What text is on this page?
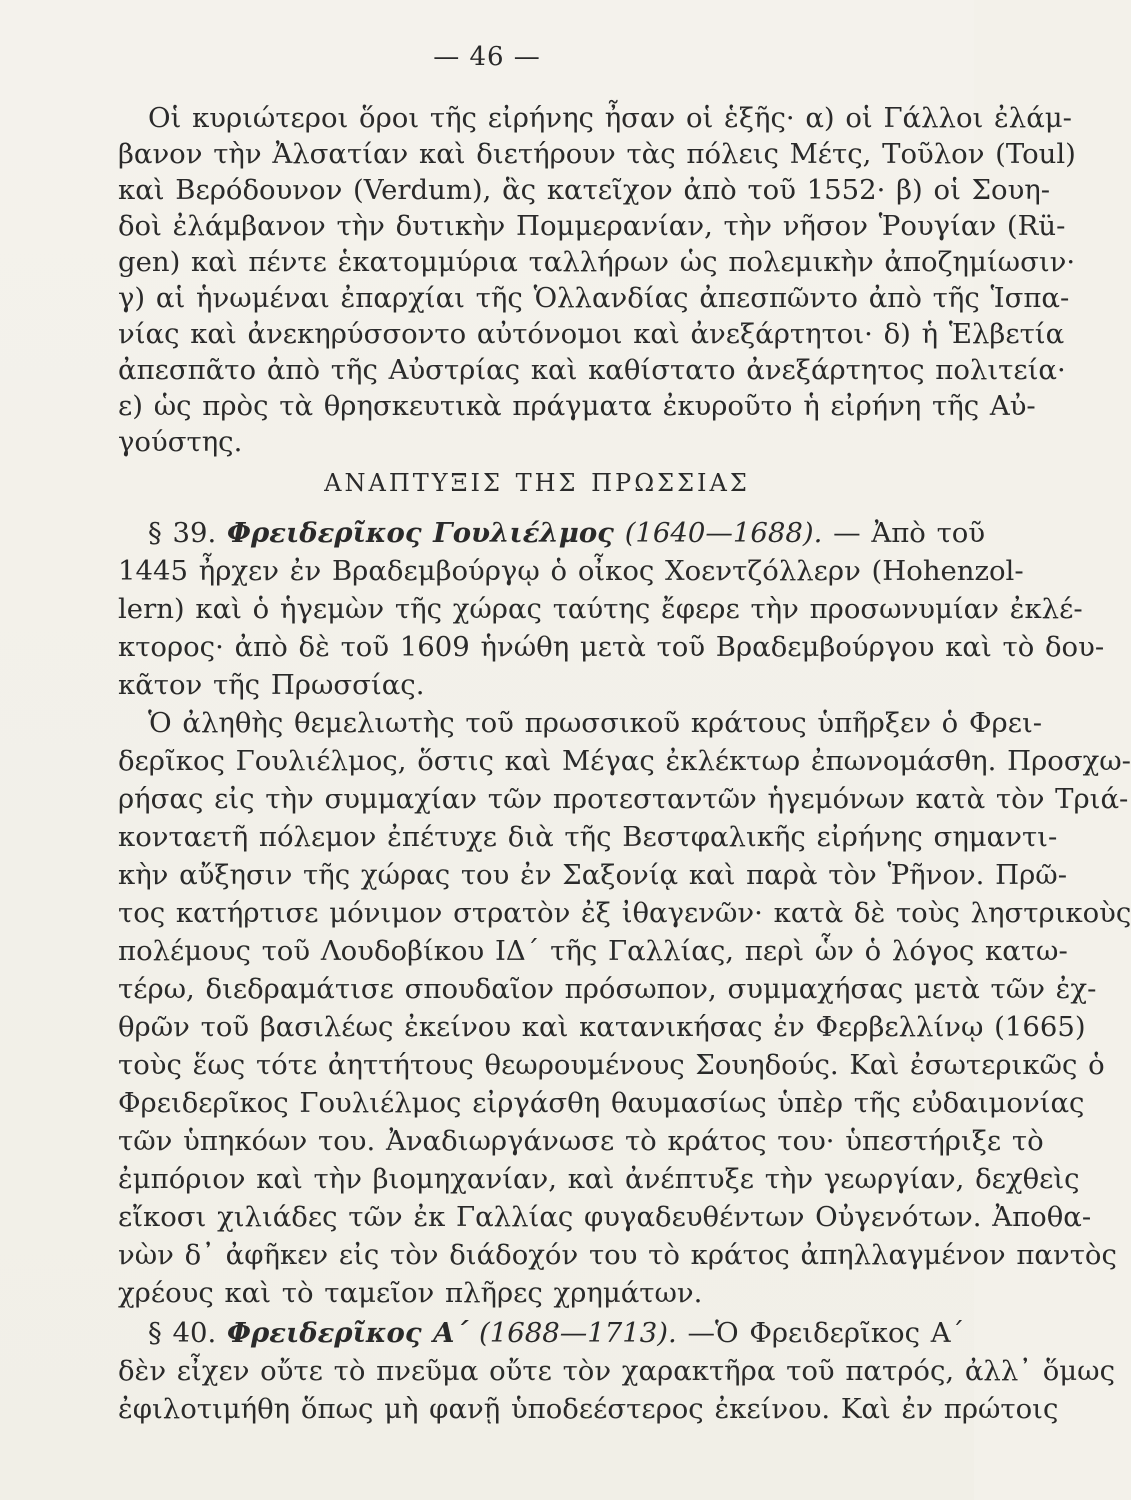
— 46 —
Οἱ κυριώτεροι ὅροι τῆς εἰρήνης ἦσαν οἱ ἑξῆς· α) οἱ Γάλλοι ἐλάμ-
βανον τὴν Ἀλσατίαν καὶ διετήρουν τὰς πόλεις Μέτς, Τοῦλον (Toul)
καὶ Βερόδουνον (Verdum), ἃς κατεῖχον ἀπὸ τοῦ 1552· β) οἱ Σουη-
δοὶ ἐλάμβανον τὴν δυτικὴν Πομμερανίαν, τὴν νῆσον Ῥουγίαν (Rü-
gen) καὶ πέντε ἑκατομμύρια ταλλήρων ὡς πολεμικὴν ἀποζημίωσιν·
γ) αἱ ἡνωμέναι ἐπαρχίαι τῆς Ὁλλανδίας ἀπεσπῶντο ἀπὸ τῆς Ἱσπα-
νίας καὶ ἀνεκηρύσσοντο αὐτόνομοι καὶ ἀνεξάρτητοι· δ) ἡ Ἑλβετία
ἀπεσπᾶτο ἀπὸ τῆς Αὐστρίας καὶ καθίστατο ἀνεξάρτητος πολιτεία·
ε) ὡς πρὸς τὰ θρησκευτικὰ πράγματα ἐκυροῦτο ἡ εἰρήνη τῆς Αὐ-
γούστης.
ΑΝΑΠΤΥΞΙΣ ΤΗΣ ΠΡΩΣΣΙΑΣ
§ 39. Φρειδερῖκος Γουλιέλμος (1640—1688). — Ἀπὸ τοῦ
1445 ἦρχεν ἐν Βραδεμβούργῳ ὁ οἶκος Χοεντζόλλερν (Hohenzol-
lern) καὶ ὁ ἡγεμὼν τῆς χώρας ταύτης ἔφερε τὴν προσωνυμίαν ἐκλέ-
κτορος· ἀπὸ δὲ τοῦ 1609 ἡνώθη μετὰ τοῦ Βραδεμβούργου καὶ τὸ δου-
κᾶτον τῆς Πρωσσίας.
Ὁ ἀληθὴς θεμελιωτὴς τοῦ πρωσσικοῦ κράτους ὑπῆρξεν ὁ Φρει-
δερῖκος Γουλιέλμος, ὅστις καὶ Μέγας ἐκλέκτωρ ἐπωνομάσθη. Προσχω-
ρήσας εἰς τὴν συμμαχίαν τῶν προτεσταντῶν ἡγεμόνων κατὰ τὸν Τριά-
κονταετῆ πόλεμον ἐπέτυχε διὰ τῆς Βεστφαλικῆς εἰρήνης σημαντι-
κὴν αὔξησιν τῆς χώρας του ἐν Σαξονίᾳ καὶ παρὰ τὸν Ῥῆνον. Πρῶ-
τος κατήρτισε μόνιμον στρατὸν ἐξ ἰθαγενῶν· κατὰ δὲ τοὺς ληστρικοὺς
πολέμους τοῦ Λουδοβίκου ΙΔ΄ τῆς Γαλλίας, περὶ ὧν ὁ λόγος κατω-
τέρω, διεδραμάτισε σπουδαῖον πρόσωπον, συμμαχήσας μετὰ τῶν ἐχ-
θρῶν τοῦ βασιλέως ἐκείνου καὶ κατανικήσας ἐν Φερβελλίνῳ (1665)
τοὺς ἕως τότε ἀηττήτους θεωρουμένους Σουηδούς. Καὶ ἐσωτερικῶς ὁ
Φρειδερῖκος Γουλιέλμος εἰργάσθη θαυμασίως ὑπὲρ τῆς εὐδαιμονίας
τῶν ὑπηκόων του. Ἀναδιωργάνωσε τὸ κράτος του· ὑπεστήριξε τὸ
ἐμπόριον καὶ τὴν βιομηχανίαν, καὶ ἀνέπτυξε τὴν γεωργίαν, δεχθεὶς
εἴκοσι χιλιάδες τῶν ἐκ Γαλλίας φυγαδευθέντων Οὐγενότων. Ἀποθα-
νὼν δ᾽ ἀφῆκεν εἰς τὸν διάδοχόν του τὸ κράτος ἀπηλλαγμένον παντὸς
χρέους καὶ τὸ ταμεῖον πλῆρες χρημάτων.
§ 40. Φρειδερῖκος Α΄ (1688—1713). —Ὁ Φρειδερῖκος Α΄
δὲν εἶχεν οὔτε τὸ πνεῦμα οὔτε τὸν χαρακτῆρα τοῦ πατρός, ἀλλ᾽ ὅμως
ἐφιλοτιμήθη ὅπως μὴ φανῇ ὑποδεέστερος ἐκείνου. Καὶ ἐν πρώτοις
